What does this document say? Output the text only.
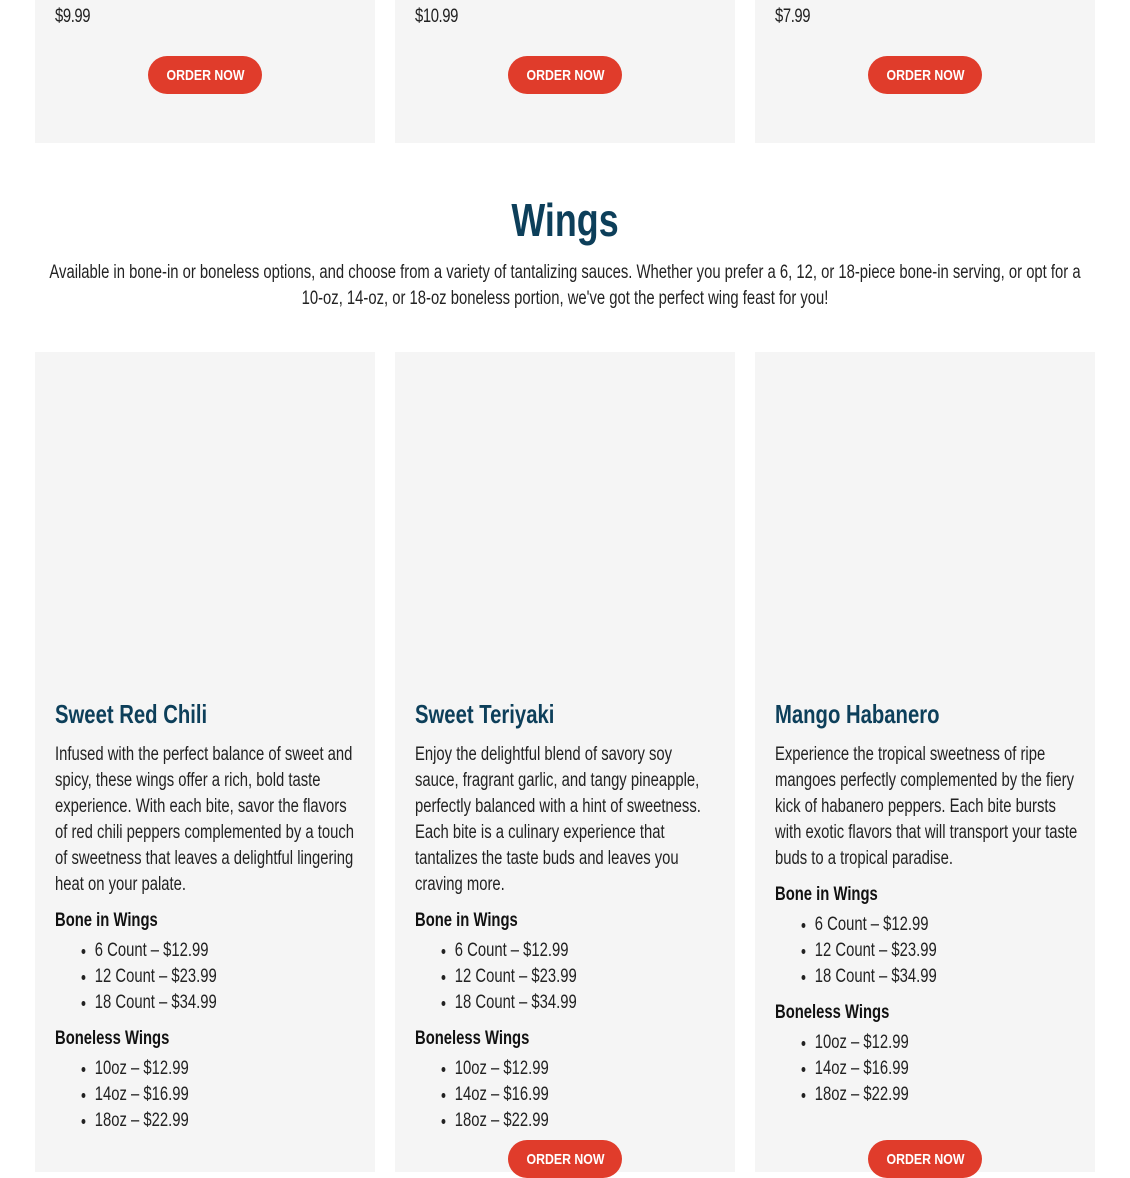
$9.99
ORDER NOW
$10.99
ORDER NOW
$7.99
ORDER NOW
Wings

Available in bone-in or boneless options, and choose from a variety of tantalizing sauces. Whether you prefer a 6, 12, or 18-piece bone-in serving, or opt for a 10-oz, 14-oz, or 18-oz boneless portion, we've got the perfect wing feast for you!

Sweet Red Chili

Infused with the perfect balance of sweet and spicy, these wings offer a rich, bold taste experience. With each bite, savor the flavors of red chili peppers complemented by a touch of sweetness that leaves a delightful lingering heat on your palate.

Bone in Wings
• 6 Count – $12.99
• 12 Count – $23.99
• 18 Count – $34.99
Boneless Wings
• 10oz – $12.99
• 14oz – $16.99
• 18oz – $22.99
Sweet Teriyaki

Enjoy the delightful blend of savory soy sauce, fragrant garlic, and tangy pineapple, perfectly balanced with a hint of sweetness. Each bite is a culinary experience that tantalizes the taste buds and leaves you craving more.

Bone in Wings
• 6 Count – $12.99
• 12 Count – $23.99
• 18 Count – $34.99
Boneless Wings
• 10oz – $12.99
• 14oz – $16.99
• 18oz – $22.99
ORDER NOW
Mango Habanero

Experience the tropical sweetness of ripe mangoes perfectly complemented by the fiery kick of habanero peppers. Each bite bursts with exotic flavors that will transport your taste buds to a tropical paradise.

Bone in Wings
• 6 Count – $12.99
• 12 Count – $23.99
• 18 Count – $34.99
Boneless Wings
• 10oz – $12.99
• 14oz – $16.99
• 18oz – $22.99
ORDER NOW
